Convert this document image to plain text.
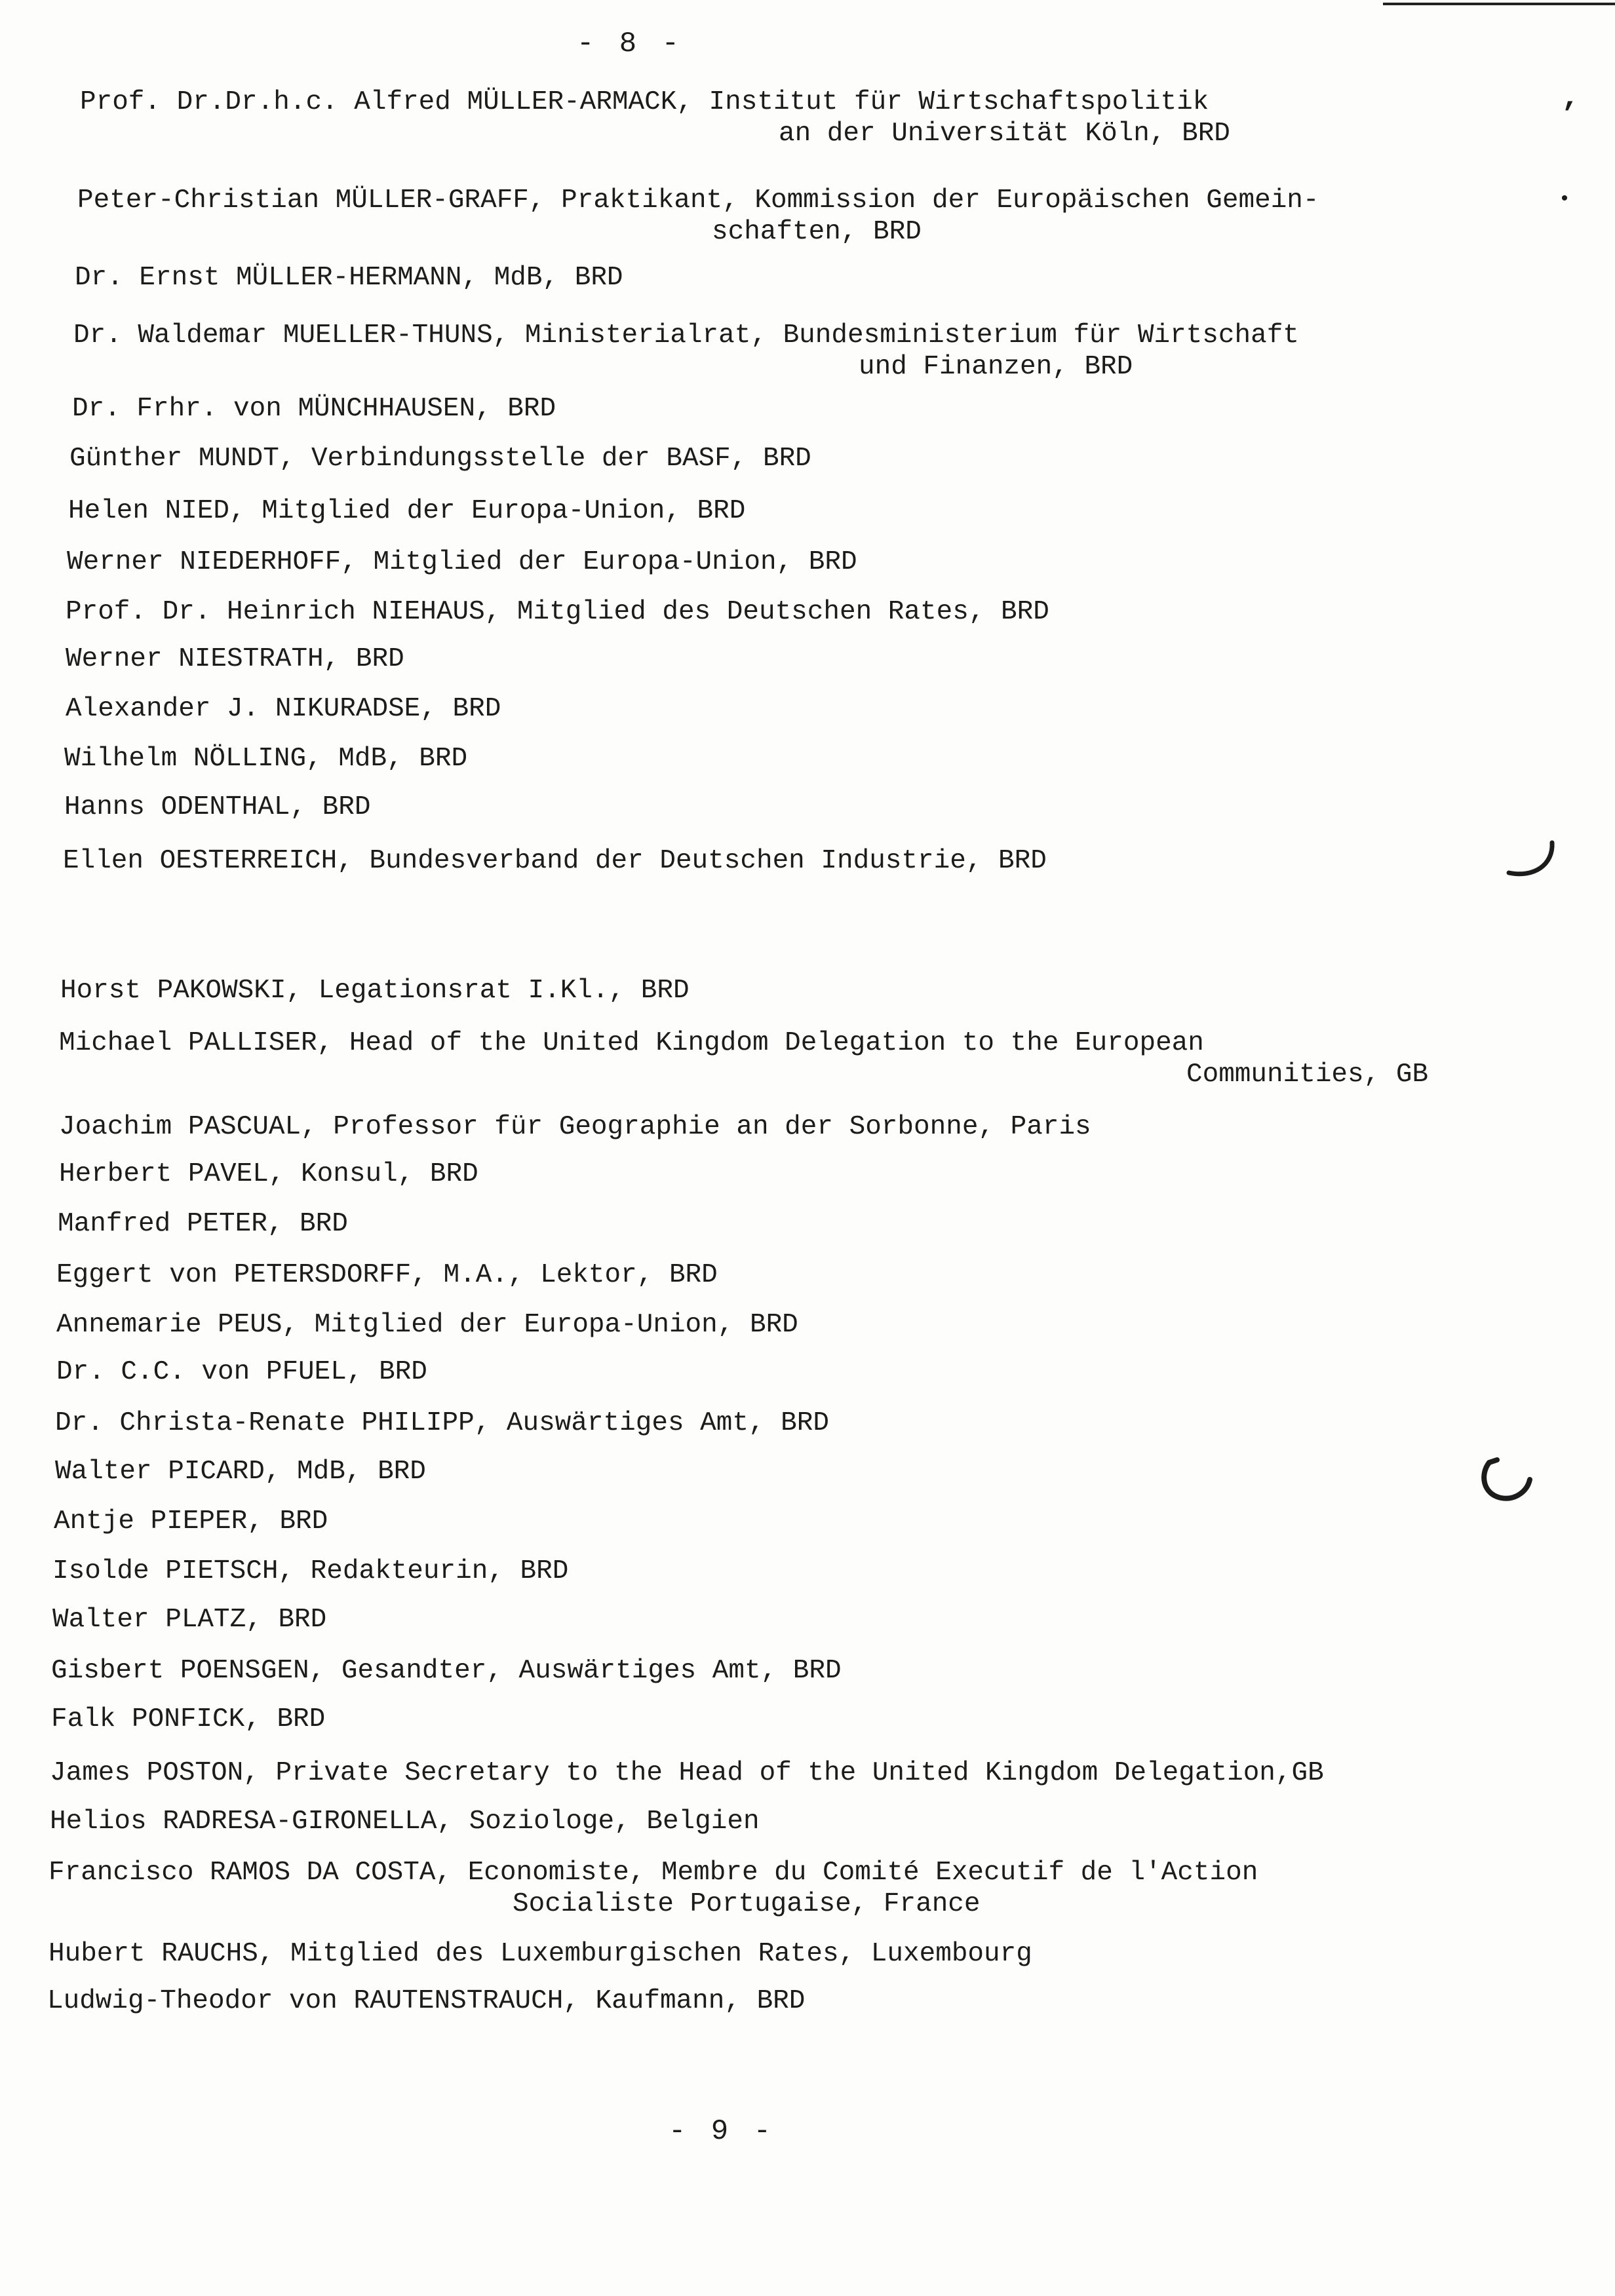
- 8 -
Prof. Dr.Dr.h.c. Alfred MÜLLER-ARMACK, Institut für Wirtschaftspolitik
an der Universität Köln, BRD
Peter-Christian MÜLLER-GRAFF, Praktikant, Kommission der Europäischen Gemein-
schaften, BRD
Dr. Ernst MÜLLER-HERMANN, MdB, BRD
Dr. Waldemar MUELLER-THUNS, Ministerialrat, Bundesministerium für Wirtschaft
und Finanzen, BRD
Dr. Frhr. von MÜNCHHAUSEN, BRD
Günther MUNDT, Verbindungsstelle der BASF, BRD
Helen NIED, Mitglied der Europa-Union, BRD
Werner NIEDERHOFF, Mitglied der Europa-Union, BRD
Prof. Dr. Heinrich NIEHAUS, Mitglied des Deutschen Rates, BRD
Werner NIESTRATH, BRD
Alexander J. NIKURADSE, BRD
Wilhelm NÖLLING, MdB, BRD
Hanns ODENTHAL, BRD
Ellen OESTERREICH, Bundesverband der Deutschen Industrie, BRD
Horst PAKOWSKI, Legationsrat I.Kl., BRD
Michael PALLISER, Head of the United Kingdom Delegation to the European
Communities, GB
Joachim PASCUAL, Professor für Geographie an der Sorbonne, Paris
Herbert PAVEL, Konsul, BRD
Manfred PETER, BRD
Eggert von PETERSDORFF, M.A., Lektor, BRD
Annemarie PEUS, Mitglied der Europa-Union, BRD
Dr. C.C. von PFUEL, BRD
Dr. Christa-Renate PHILIPP, Auswärtiges Amt, BRD
Walter PICARD, MdB, BRD
Antje PIEPER, BRD
Isolde PIETSCH, Redakteurin, BRD
Walter PLATZ, BRD
Gisbert POENSGEN, Gesandter, Auswärtiges Amt, BRD
Falk PONFICK, BRD
James POSTON, Private Secretary to the Head of the United Kingdom Delegation,GB
Helios RADRESA-GIRONELLA, Soziologe, Belgien
Francisco RAMOS DA COSTA, Economiste, Membre du Comité Executif de l'Action
Socialiste Portugaise, France
Hubert RAUCHS, Mitglied des Luxemburgischen Rates, Luxembourg
Ludwig-Theodor von RAUTENSTRAUCH, Kaufmann, BRD
’
•
- 9 -
